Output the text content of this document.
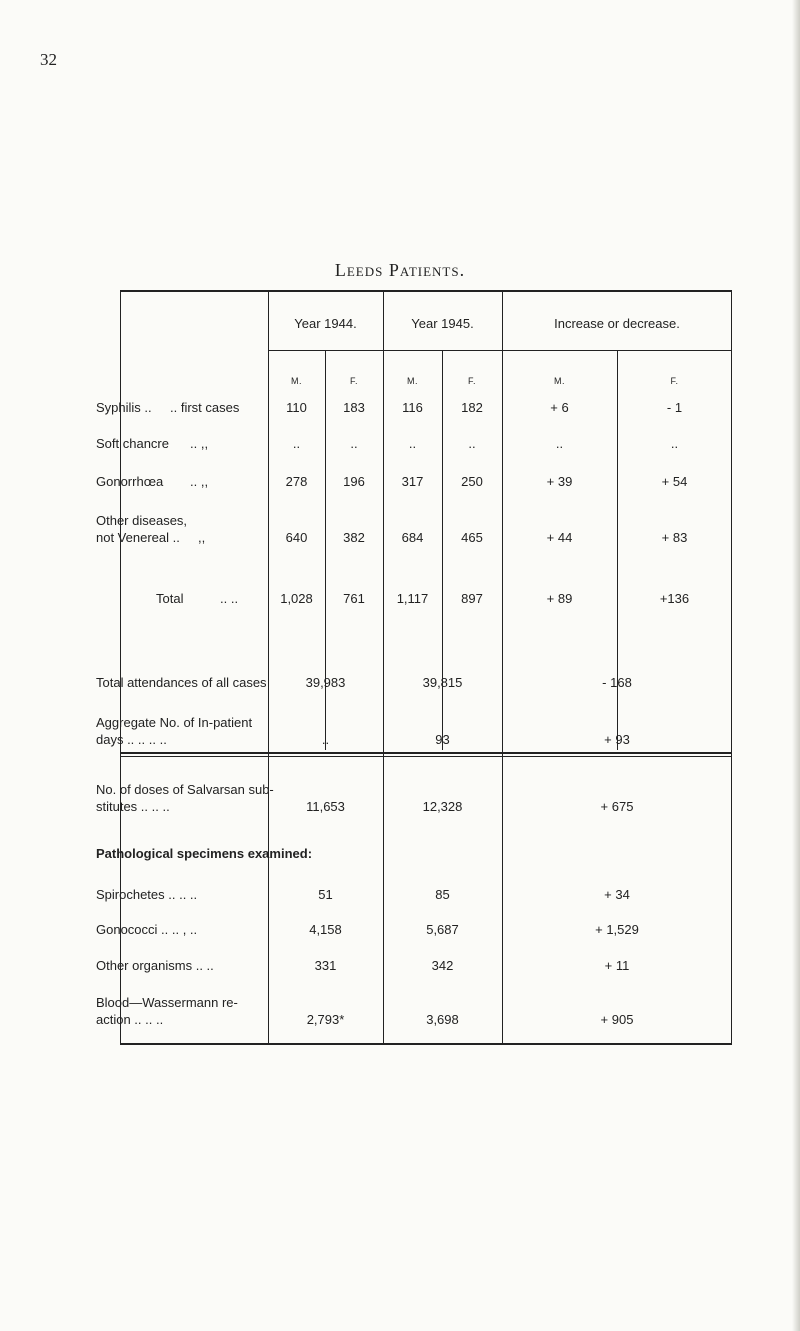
32
Leeds Patients.
Year 1944.	Year 1945.	Increase or decrease.
M.	F.	M.	F.	M.	F.
Syphilis .. .. first cases	110	183	116	182	+ 6	- 1
Soft chancre .. ,,	..	..	..	..	..	..
Gonorrhœa .. ,,	278	196	317	250	+ 39	+ 54
Other diseases,
not Venereal .. ,,	640	382	684	465	+ 44	+ 83
Total	.. ..	1,028	761	1,117	897	+ 89	+136
Total attendances of all cases	39,983	39,815	- 168
Aggregate No. of In-patient
days .. .. .. ..	..	93	+ 93
No. of doses of Salvarsan sub-
stitutes .. .. ..	11,653	12,328	+ 675
Pathological specimens examined:
Spirochetes .. .. ..	51	85	+ 34
Gonococci .. .. , ..	4,158	5,687	+ 1,529
Other organisms .. ..	331	342	+ 11
Blood—Wassermann re-
action .. .. ..	2,793*	3,698	+ 905
